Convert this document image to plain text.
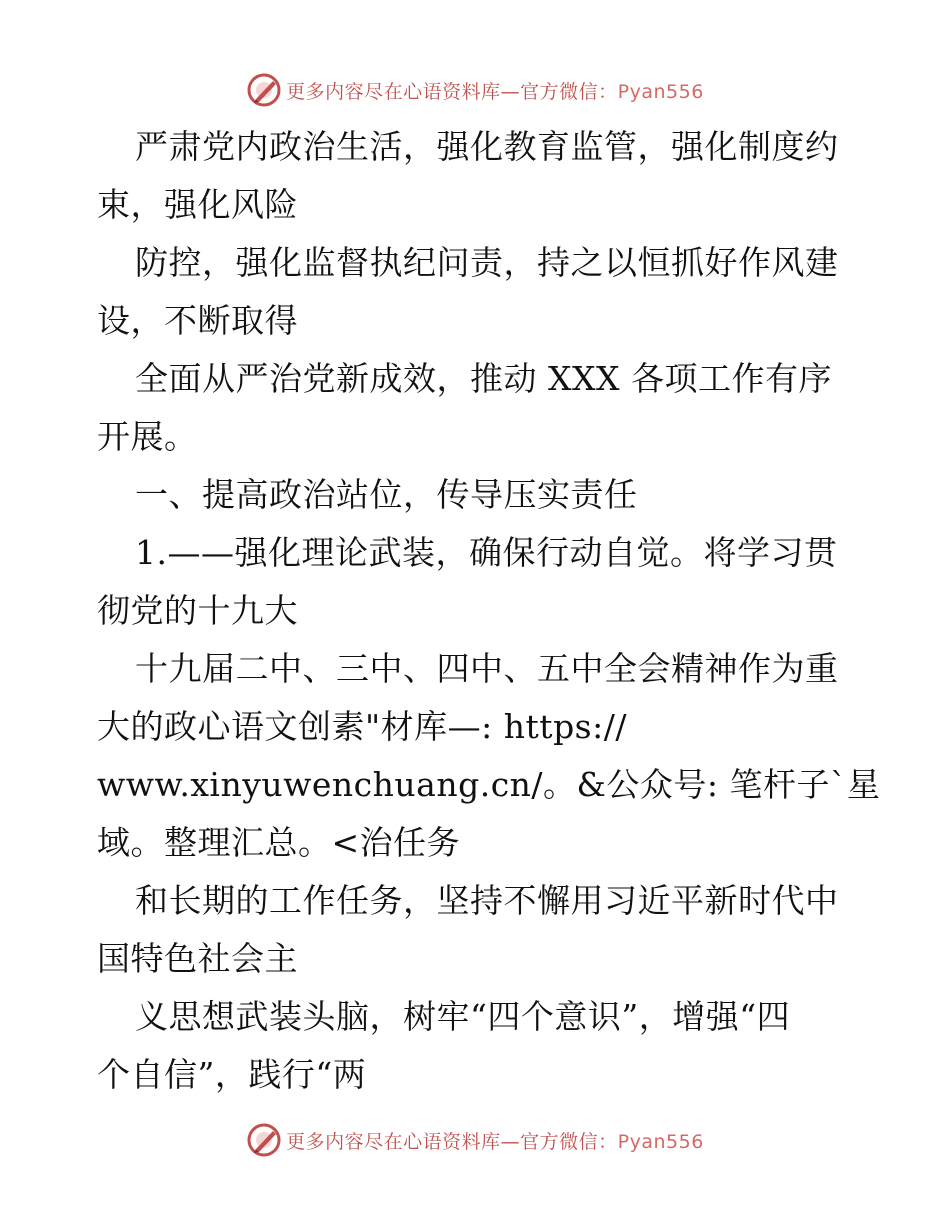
更多内容尽在心语资料库—官方微信：Pyan556
严肃党内政治生活，强化教育监管，强化制度约
束，强化风险
防控，强化监督执纪问责，持之以恒抓好作风建
设，不断取得
全面从严治党新成效，推动 XXX 各项工作有序
开展。
一、提高政治站位，传导压实责任
1.——强化理论武装，确保行动自觉。将学习贯
彻党的十九大
十九届二中、三中、四中、五中全会精神作为重
大的政心语文创素"材库—: https://
www.xinyuwenchuang.cn/。&公众号: 笔杆子`星
域。整理汇总。<治任务
和长期的工作任务，坚持不懈用习近平新时代中
国特色社会主
义思想武装头脑，树牢“四个意识”，增强“四
个自信”，践行“两
更多内容尽在心语资料库—官方微信：Pyan556
